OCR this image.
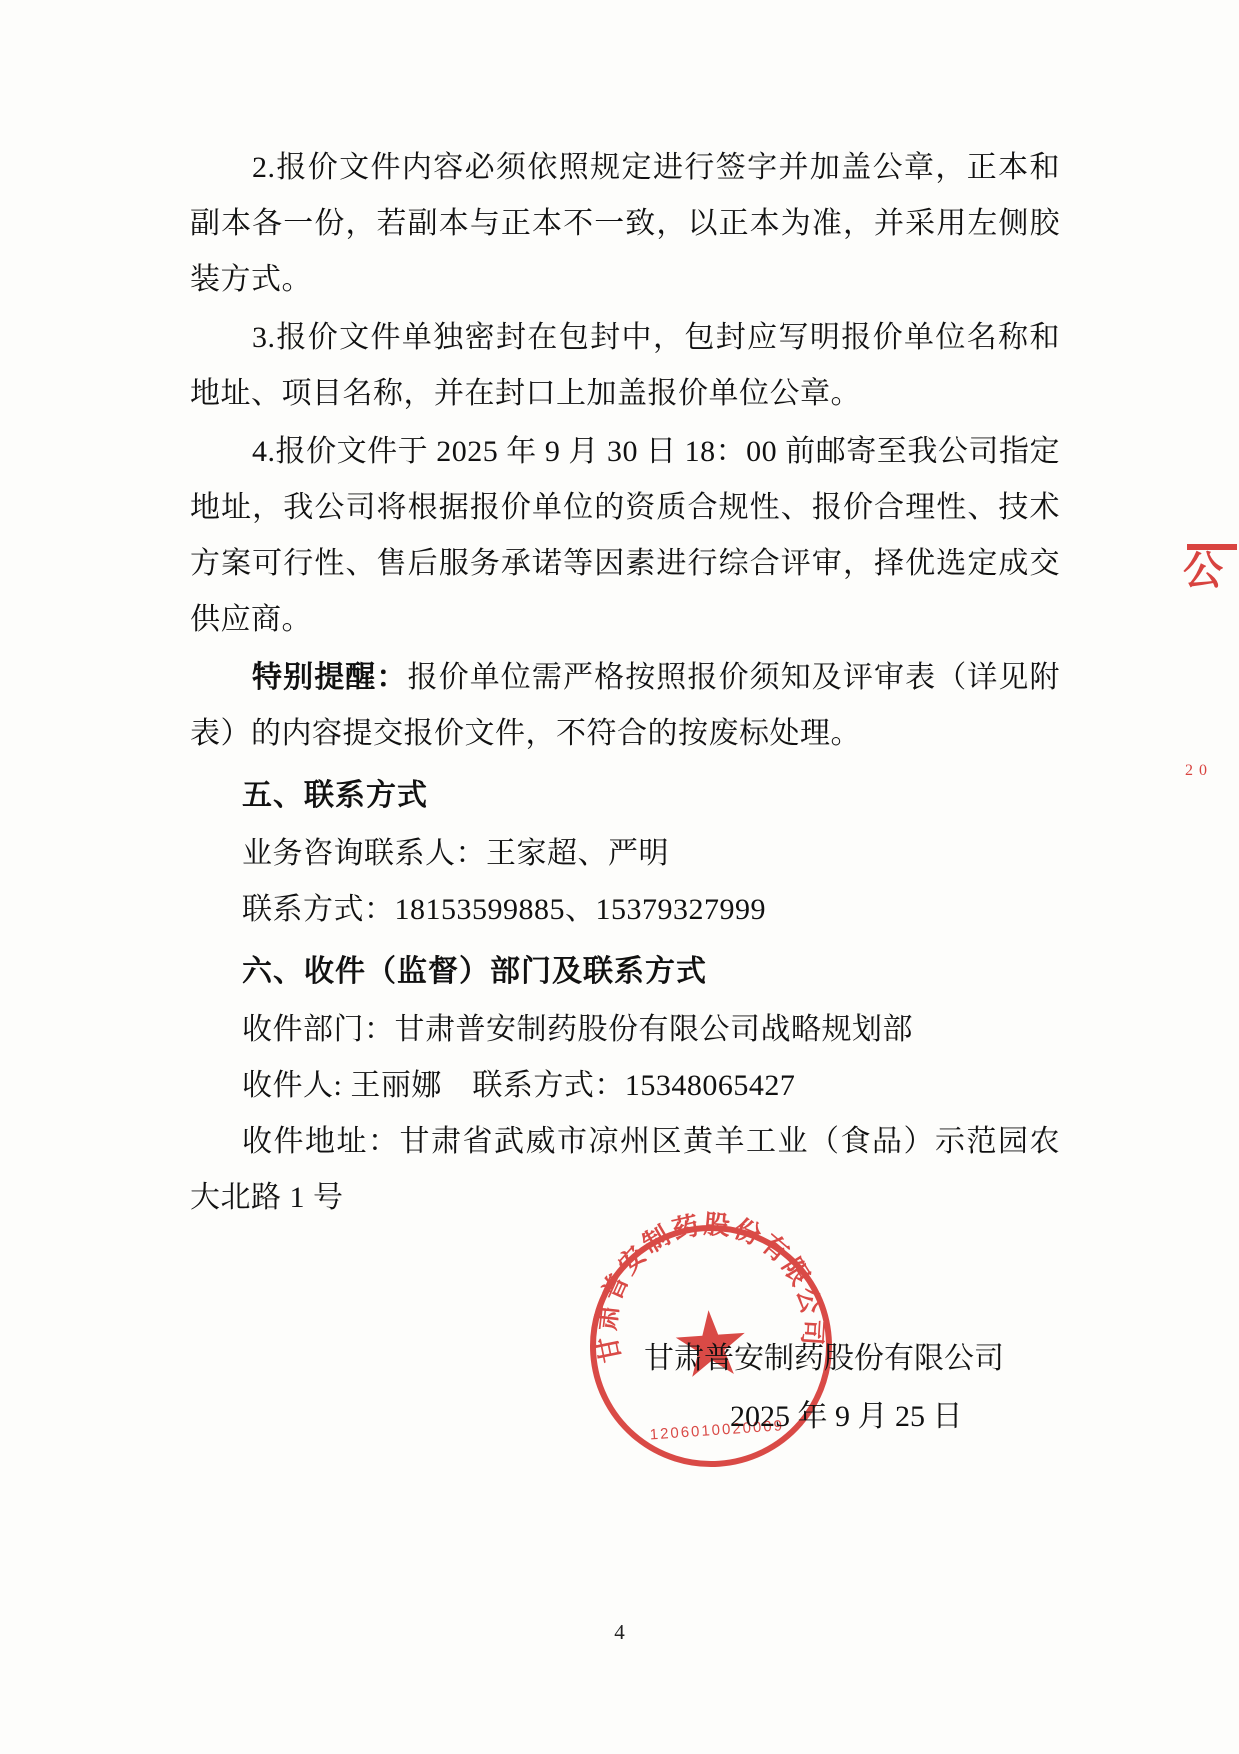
2.报价文件内容必须依照规定进行签字并加盖公章，正本和副本各一份，若副本与正本不一致，以正本为准，并采用左侧胶装方式。

3.报价文件单独密封在包封中，包封应写明报价单位名称和地址、项目名称，并在封口上加盖报价单位公章。

4.报价文件于 2025 年 9 月 30 日 18：00 前邮寄至我公司指定地址，我公司将根据报价单位的资质合规性、报价合理性、技术方案可行性、售后服务承诺等因素进行综合评审，择优选定成交供应商。

特别提醒：报价单位需严格按照报价须知及评审表（详见附表）的内容提交报价文件，不符合的按废标处理。

五、联系方式

业务咨询联系人：王家超、严明

联系方式：18153599885、15379327999

六、收件（监督）部门及联系方式

收件部门：甘肃普安制药股份有限公司战略规划部

收件人: 王丽娜　联系方式：15348065427

收件地址：甘肃省武威市凉州区黄羊工业（食品）示范园农大北路 1 号

公
2 0
甘肃普安制药股份有限公司
1206010020009
甘肃普安制药股份有限公司
2025 年 9 月 25 日
4
